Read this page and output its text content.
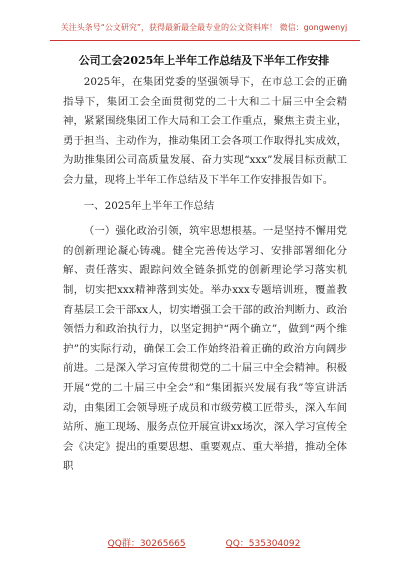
关注头条号“公文研究”，获得最新最全最专业的公文资料库！ 微信：gongwenyj
公司工会2025年上半年工作总结及下半年工作安排

2025年，在集团党委的坚强领导下，在市总工会的正确指导下，集团工会全面贯彻党的二十大和二十届三中全会精神，紧紧围绕集团工作大局和工会工作重点，聚焦主责主业，勇于担当、主动作为，推动集团工会各项工作取得扎实成效，为助推集团公司高质量发展、奋力实现“xxx”发展目标贡献工会力量，现将上半年工作总结及下半年工作安排报告如下。

一、2025年上半年工作总结

（一）强化政治引领，筑牢思想根基。一是坚持不懈用党的创新理论凝心铸魂。健全完善传达学习、安排部署细化分解、责任落实、跟踪问效全链条抓党的创新理论学习落实机制，切实把xxx精神落到实处。举办xxx专题培训班，覆盖教育基层工会干部xx人，切实增强工会干部的政治判断力、政治领悟力和政治执行力，以坚定拥护“两个确立”，做到“两个维护”的实际行动，确保工会工作始终沿着正确的政治方向阔步前进。二是深入学习宣传贯彻党的二十届三中全会精神。积极开展“党的二十届三中全会”和“集团振兴发展有我”等宣讲活动，由集团工会领导班子成员和市级劳模工匠带头，深入车间站所、施工现场、服务点位开展宣讲xx场次，深入学习宣传全会《决定》提出的重要思想、重要观点、重大举措，推动全体职

QQ群：30265665	QQ：535304092
